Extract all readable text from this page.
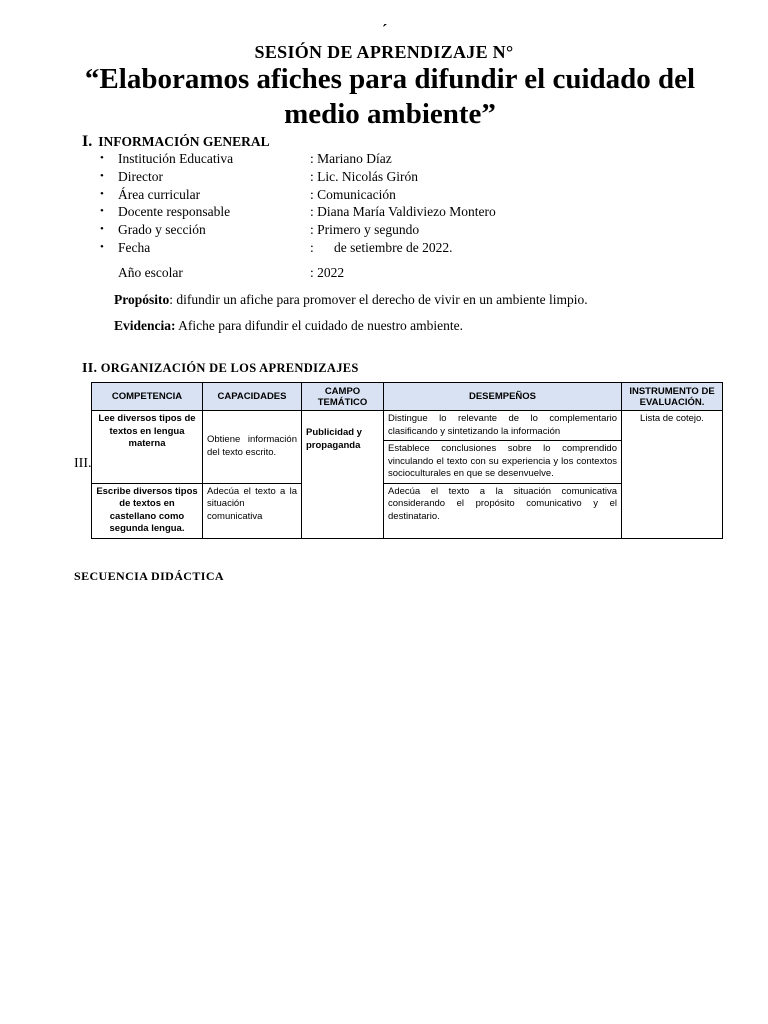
´
SESIÓN DE APRENDIZAJE N°
“Elaboramos afiches para difundir el cuidado del
medio ambiente”
I. INFORMACIÓN GENERAL
• Institución Educativa	: Mariano Díaz
• Director	: Lic. Nicolás Girón
• Área curricular	: Comunicación
• Docente responsable	: Diana María Valdiviezo Montero
• Grado y sección	: Primero y segundo
• Fecha	:      de setiembre de 2022.
Año escolar	: 2022
Propósito: difundir un afiche para promover el derecho de vivir en un ambiente limpio.
Evidencia: Afiche para difundir el cuidado de nuestro ambiente.
II. ORGANIZACIÓN DE LOS APRENDIZAJES
III.
COMPETENCIA	CAPACIDADES	CAMPO TEMÁTICO	DESEMPEÑOS	INSTRUMENTO DE EVALUACIÓN.
Lee diversos tipos de textos en lengua materna	Obtiene información del texto escrito.	Publicidad y propaganda	Distingue lo relevante de lo complementario clasificando y sintetizando la información	Lista de cotejo.
			Establece conclusiones sobre lo comprendido vinculando el texto con su experiencia y los contextos socioculturales en que se desenvuelve.	
Escribe diversos tipos de textos en castellano como segunda lengua.	Adecúa el texto a la situación comunicativa		Adecúa el texto a la situación comunicativa considerando el propósito comunicativo y el destinatario.	
SECUENCIA DIDÁCTICA
